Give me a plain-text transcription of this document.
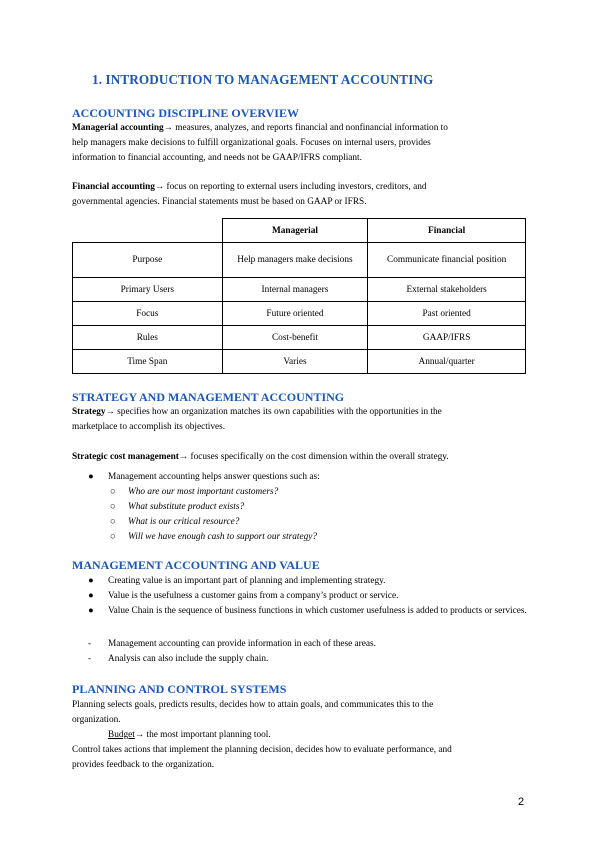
1. INTRODUCTION TO MANAGEMENT ACCOUNTING
ACCOUNTING DISCIPLINE OVERVIEW
Managerial accounting→ measures, analyzes, and reports financial and nonfinancial information to
help managers make decisions to fulfill organizational goals. Focuses on internal users, provides
information to financial accounting, and needs not be GAAP/IFRS compliant.
Financial accounting→ focus on reporting to external users including investors, creditors, and
governmental agencies. Financial statements must be based on GAAP or IFRS.
	Managerial	Financial
Purpose	Help managers make decisions	Communicate financial position
Primary Users	Internal managers	External stakeholders
Focus	Future oriented	Past oriented
Rules	Cost-benefit	GAAP/IFRS
Time Span	Varies	Annual/quarter
STRATEGY AND MANAGEMENT ACCOUNTING
Strategy→ specifies how an organization matches its own capabilities with the opportunities in the
marketplace to accomplish its objectives.
Strategic cost management→ focuses specifically on the cost dimension within the overall strategy.
● Management accounting helps answer questions such as:
○ Who are our most important customers?
○ What substitute product exists?
○ What is our critical resource?
○ Will we have enough cash to support our strategy?
MANAGEMENT ACCOUNTING AND VALUE
● Creating value is an important part of planning and implementing strategy.
● Value is the usefulness a customer gains from a company’s product or service.
● Value Chain is the sequence of business functions in which customer usefulness is added to products or services.
- Management accounting can provide information in each of these areas.
- Analysis can also include the supply chain.
PLANNING AND CONTROL SYSTEMS
Planning selects goals, predicts results, decides how to attain goals, and communicates this to the
organization.
Budget→ the most important planning tool.
Control takes actions that implement the planning decision, decides how to evaluate performance, and
provides feedback to the organization.
2
